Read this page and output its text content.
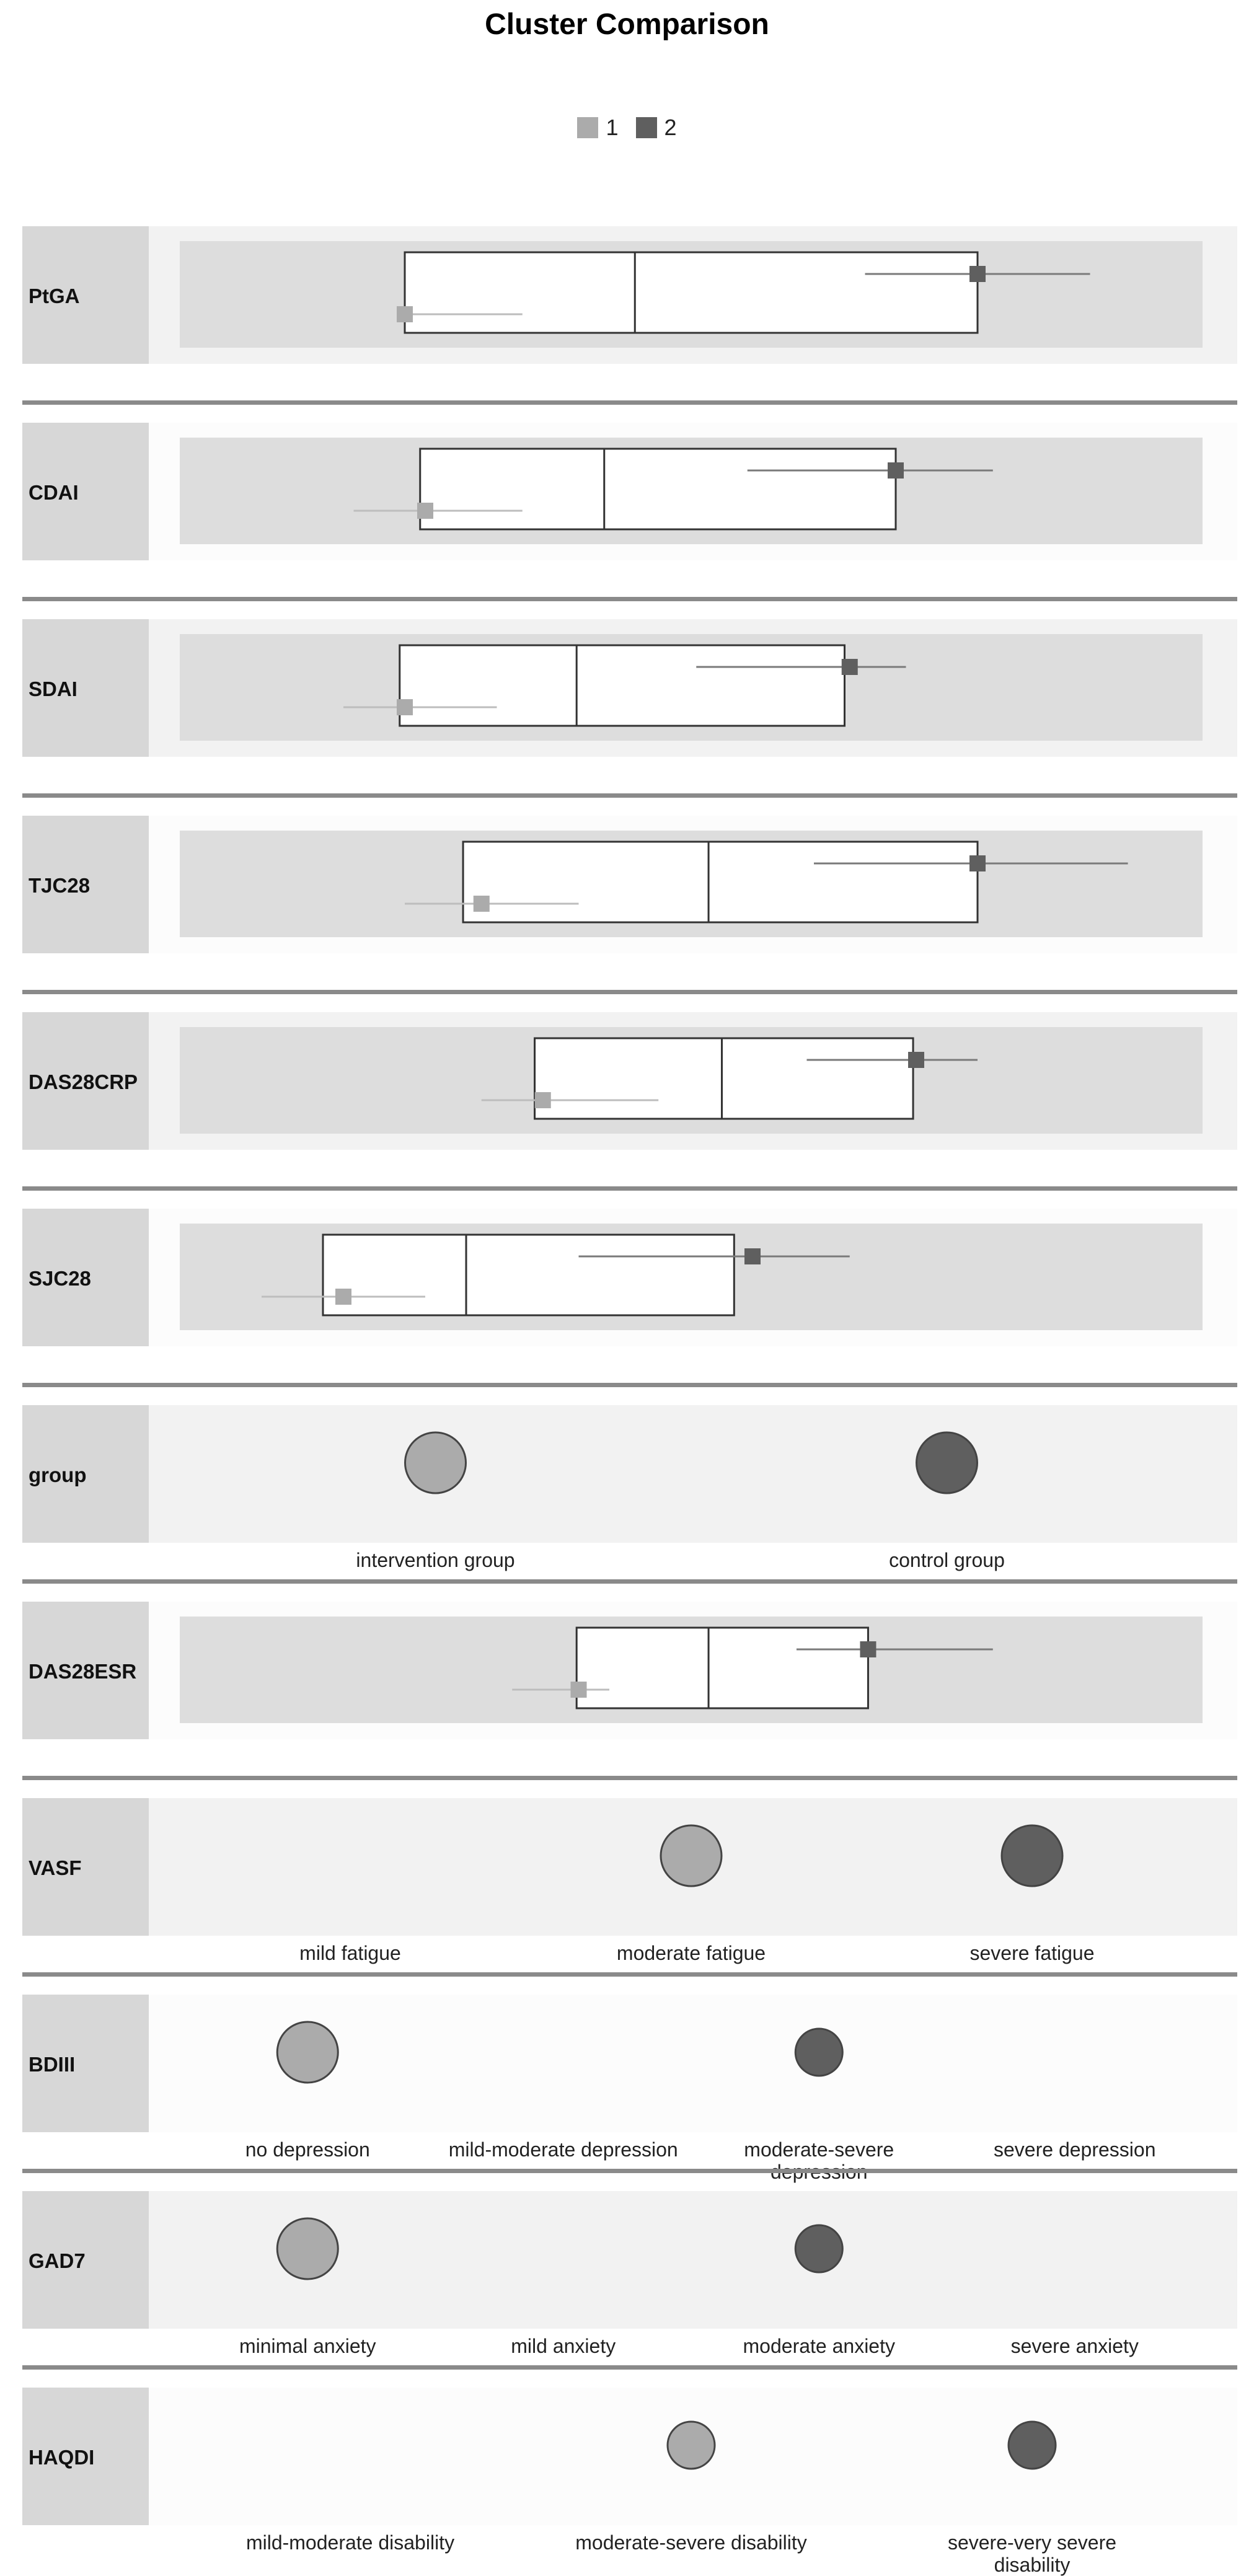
Cluster Comparison
1 2
PtGA
CDAI
SDAI
TJC28
DAS28CRP
SJC28
group
intervention group	control group
DAS28ESR
VASF
mild fatigue	moderate fatigue	severe fatigue
BDIII
no depression	mild-moderate depression	moderate-severe	severe depression
GAD7
minimal anxiety	mild anxiety	moderate anxiety	severe anxiety
HAQDI
mild-moderate disability	moderate-severe disability	severe-very severe disability
